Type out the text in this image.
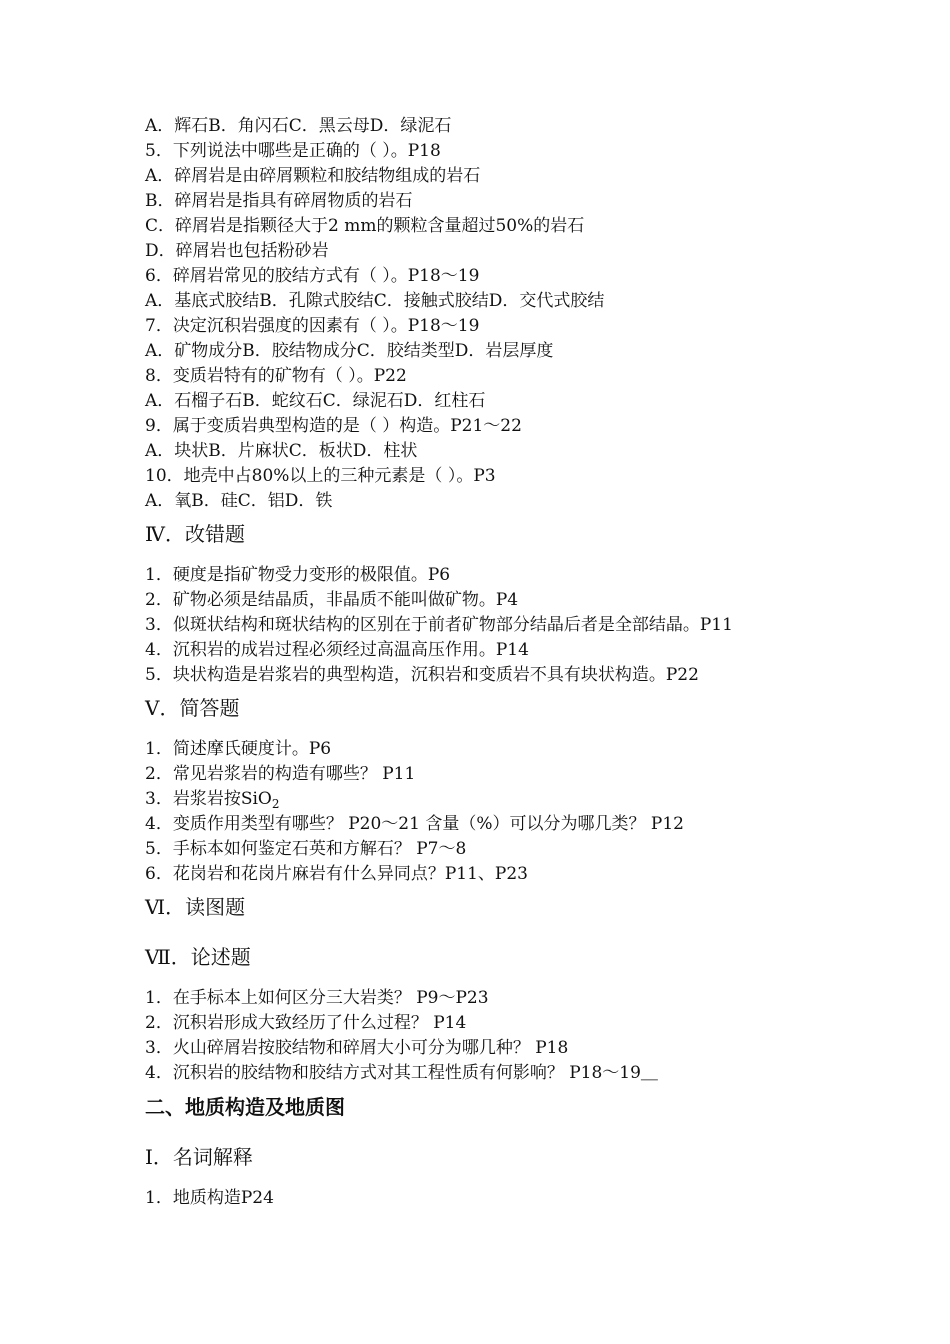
A．辉石B．角闪石C．黑云母D．绿泥石
5．下列说法中哪些是正确的（ ）。P18
A．碎屑岩是由碎屑颗粒和胶结物组成的岩石
B．碎屑岩是指具有碎屑物质的岩石
C．碎屑岩是指颗径大于2 mm的颗粒含量超过50%的岩石
D．碎屑岩也包括粉砂岩
6．碎屑岩常见的胶结方式有（ ）。P18～19
A．基底式胶结B．孔隙式胶结C．接触式胶结D．交代式胶结
7．决定沉积岩强度的因素有（ ）。P18～19
A．矿物成分B．胶结物成分C．胶结类型D．岩层厚度
8．变质岩特有的矿物有（ ）。P22
A．石榴子石B．蛇纹石C．绿泥石D．红柱石
9．属于变质岩典型构造的是（ ）构造。P21～22
A．块状B．片麻状C．板状D．柱状
10．地壳中占80%以上的三种元素是（ ）。P3
A．氧B．硅C．铝D．铁
Ⅳ．改错题
1．硬度是指矿物受力变形的极限值。P6
2．矿物必须是结晶质，非晶质不能叫做矿物。P4
3．似斑状结构和斑状结构的区别在于前者矿物部分结晶后者是全部结晶。P11
4．沉积岩的成岩过程必须经过高温高压作用。P14
5．块状构造是岩浆岩的典型构造，沉积岩和变质岩不具有块状构造。P22
Ⅴ．简答题
1．简述摩氏硬度计。P6
2．常见岩浆岩的构造有哪些？ P11
3．岩浆岩按SiO$_2$
4．变质作用类型有哪些？ P20～21 含量（%）可以分为哪几类？ P12
5．手标本如何鉴定石英和方解石？ P7～8
6．花岗岩和花岗片麻岩有什么异同点？P11、P23
Ⅵ．读图题
Ⅶ．论述题
1．在手标本上如何区分三大岩类？ P9～P23
2．沉积岩形成大致经历了什么过程？ P14
3．火山碎屑岩按胶结物和碎屑大小可分为哪几种？ P18
4．沉积岩的胶结物和胶结方式对其工程性质有何影响？ P18～19＿
二、地质构造及地质图
Ⅰ．名词解释
1．地质构造P24
